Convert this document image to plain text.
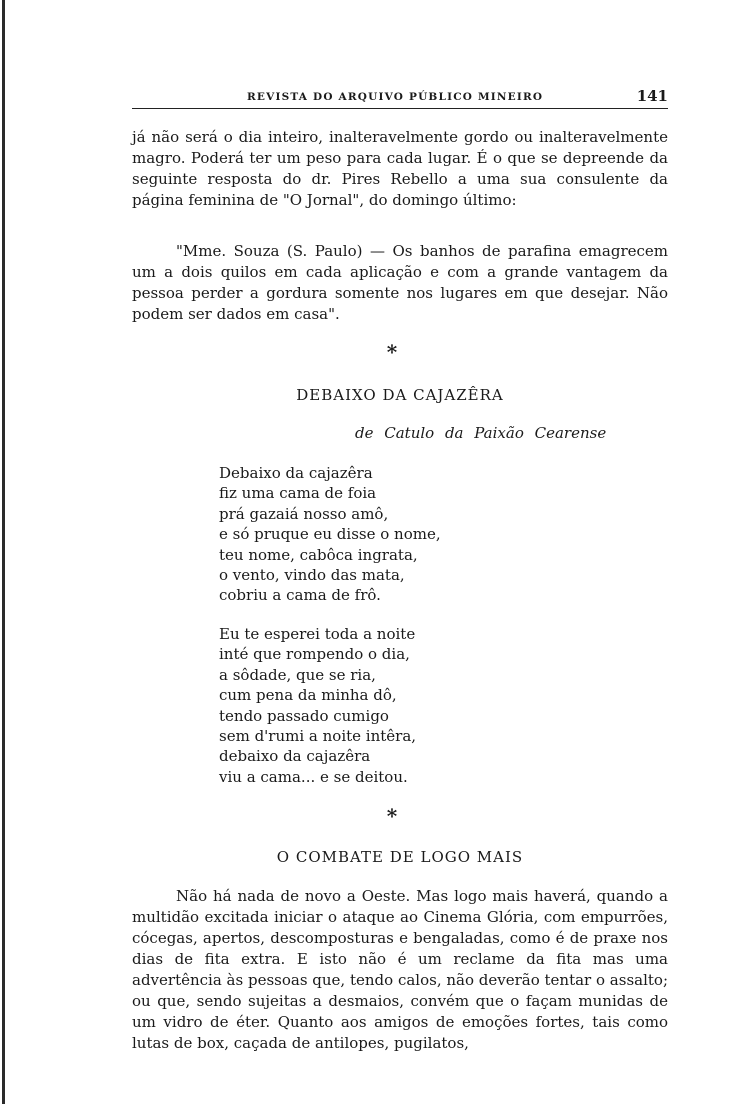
REVISTA DO ARQUIVO PÚBLICO MINEIRO	141

já não será o dia inteiro, inalteravelmente gordo ou inalteravelmente magro. Poderá ter um peso para cada lugar. É o que se depreende da seguinte resposta do dr. Pires Rebello a uma sua consulente da página feminina de "O Jornal", do domingo último:

"Mme. Souza (S. Paulo) — Os banhos de parafina emagrecem um a dois quilos em cada aplicação e com a grande vantagem da pessoa perder a gordura somente nos lugares em que desejar. Não podem ser dados em casa".

*
DEBAIXO DA CAJAZÊRA
de Catulo da Paixão Cearense
Debaixo da cajazêra
fiz uma cama de foia
prá gazaiá nosso amô,
e só pruque eu disse o nome,
teu nome, cabôca ingrata,
o vento, vindo das mata,
cobriu a cama de frô.
Eu te esperei toda a noite
inté que rompendo o dia,
a sôdade, que se ria,
cum pena da minha dô,
tendo passado cumigo
sem d'rumi a noite intêra,
debaixo da cajazêra
viu a cama... e se deitou.
*
O COMBATE DE LOGO MAIS

Não há nada de novo a Oeste. Mas logo mais haverá, quando a multidão excitada iniciar o ataque ao Cinema Glória, com empurrões, cócegas, apertos, descomposturas e bengaladas, como é de praxe nos dias de fita extra. E isto não é um reclame da fita mas uma advertência às pessoas que, tendo calos, não deverão tentar o assalto; ou que, sendo sujeitas a desmaios, convém que o façam munidas de um vidro de éter. Quanto aos amigos de emoções fortes, tais como lutas de box, caçada de antilopes, pugilatos,
